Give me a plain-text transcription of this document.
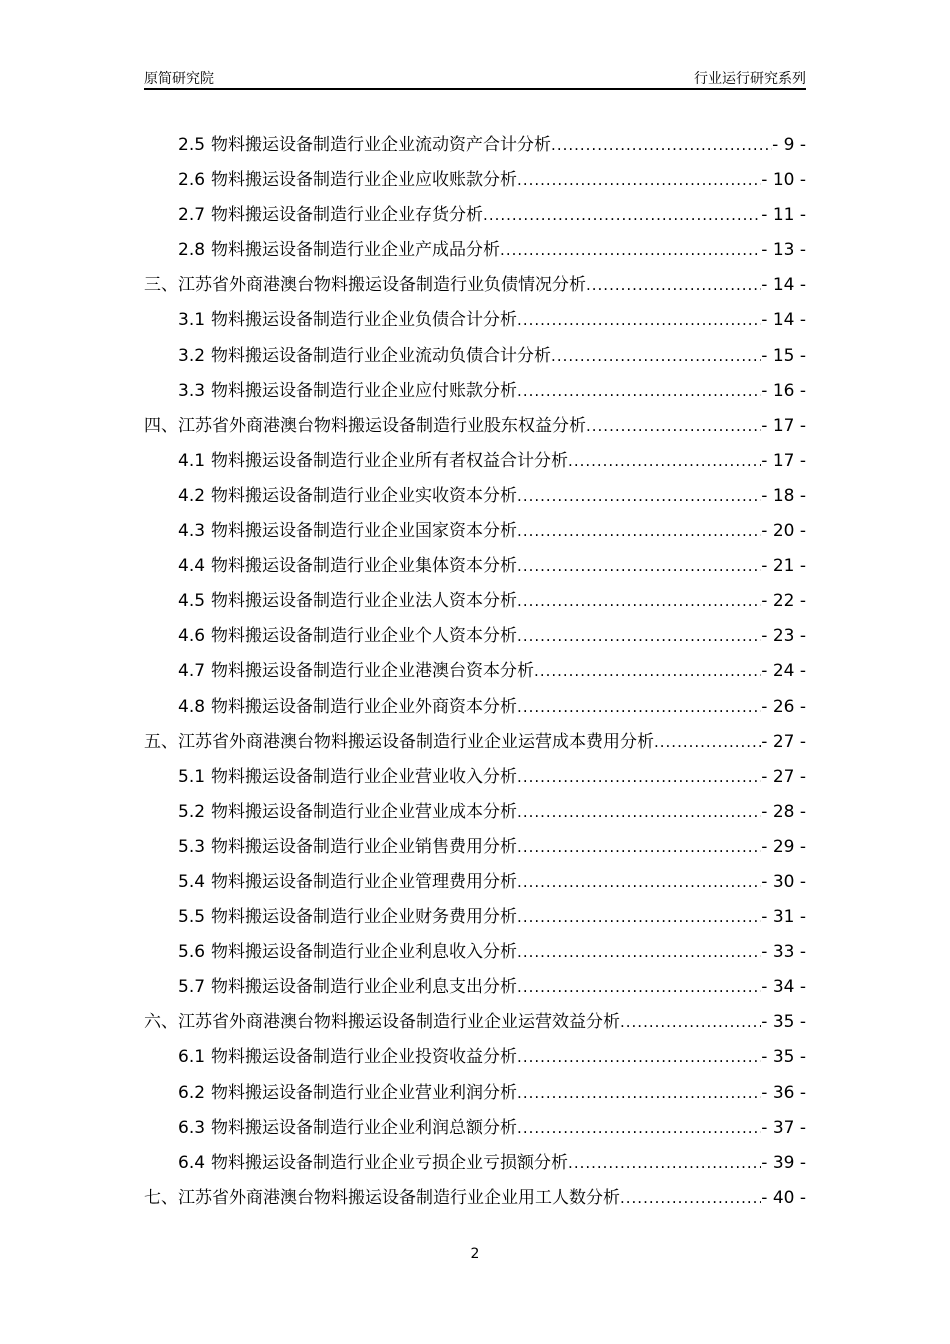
原简研究院	行业运行研究系列
2.5 物料搬运设备制造行业企业流动资产合计分析 .....	- 9 -
2.6 物料搬运设备制造行业企业应收账款分析 .....	- 10 -
2.7 物料搬运设备制造行业企业存货分析 .....	- 11 -
2.8 物料搬运设备制造行业企业产成品分析 .....	- 13 -
三、江苏省外商港澳台物料搬运设备制造行业负债情况分析 .....	- 14 -
3.1 物料搬运设备制造行业企业负债合计分析 .....	- 14 -
3.2 物料搬运设备制造行业企业流动负债合计分析 .....	- 15 -
3.3 物料搬运设备制造行业企业应付账款分析 .....	- 16 -
四、江苏省外商港澳台物料搬运设备制造行业股东权益分析 .....	- 17 -
4.1 物料搬运设备制造行业企业所有者权益合计分析 .....	- 17 -
4.2 物料搬运设备制造行业企业实收资本分析 .....	- 18 -
4.3 物料搬运设备制造行业企业国家资本分析 .....	- 20 -
4.4 物料搬运设备制造行业企业集体资本分析 .....	- 21 -
4.5 物料搬运设备制造行业企业法人资本分析 .....	- 22 -
4.6 物料搬运设备制造行业企业个人资本分析 .....	- 23 -
4.7 物料搬运设备制造行业企业港澳台资本分析 .....	- 24 -
4.8 物料搬运设备制造行业企业外商资本分析 .....	- 26 -
五、江苏省外商港澳台物料搬运设备制造行业企业运营成本费用分析 .....	- 27 -
5.1 物料搬运设备制造行业企业营业收入分析 .....	- 27 -
5.2 物料搬运设备制造行业企业营业成本分析 .....	- 28 -
5.3 物料搬运设备制造行业企业销售费用分析 .....	- 29 -
5.4 物料搬运设备制造行业企业管理费用分析 .....	- 30 -
5.5 物料搬运设备制造行业企业财务费用分析 .....	- 31 -
5.6 物料搬运设备制造行业企业利息收入分析 .....	- 33 -
5.7 物料搬运设备制造行业企业利息支出分析 .....	- 34 -
六、江苏省外商港澳台物料搬运设备制造行业企业运营效益分析 .....	- 35 -
6.1 物料搬运设备制造行业企业投资收益分析 .....	- 35 -
6.2 物料搬运设备制造行业企业营业利润分析 .....	- 36 -
6.3 物料搬运设备制造行业企业利润总额分析 .....	- 37 -
6.4 物料搬运设备制造行业企业亏损企业亏损额分析 .....	- 39 -
七、江苏省外商港澳台物料搬运设备制造行业企业用工人数分析 .....	- 40 -
2
